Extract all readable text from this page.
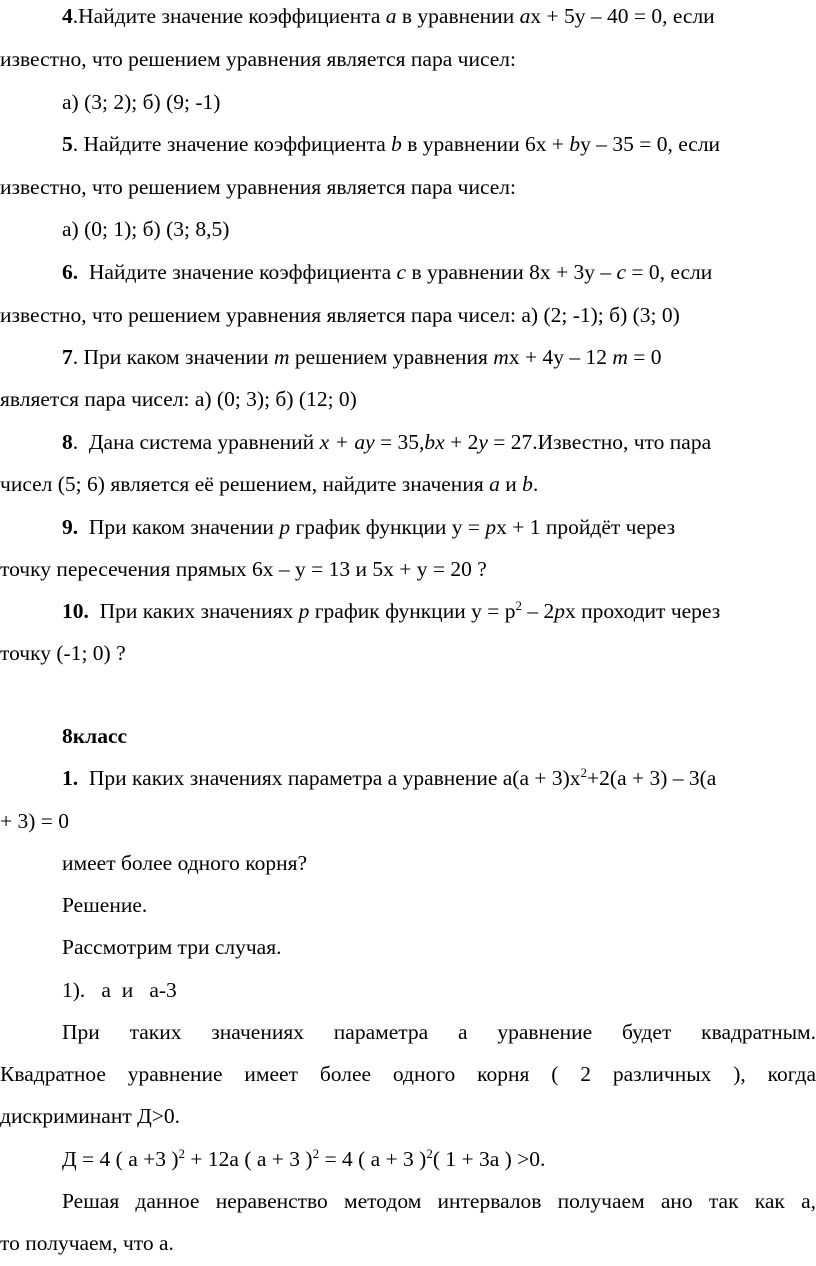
4.Найдите значение коэффициента а в уравнении ах + 5у – 40 = 0, если
известно, что решением уравнения является пара чисел:
а) (3; 2); б) (9; -1)
5. Найдите значение коэффициента b в уравнении 6х + bу – 35 = 0, если
известно, что решением уравнения является пара чисел:
а) (0; 1); б) (3; 8,5)
6.  Найдите значение коэффициента с в уравнении 8х + 3у – с = 0, если
известно, что решением уравнения является пара чисел: а) (2; -1); б) (3; 0)
7. При каком значении m решением уравнения mх + 4у – 12 m = 0
является пара чисел: а) (0; 3); б) (12; 0)
8.  Дана система уравнений x + ay = 35,bx + 2y = 27.Известно, что пара
чисел (5; 6) является её решением, найдите значения a и b.
9.  При каком значении р график функции у = рх + 1 пройдёт через
точку пересечения прямых 6х – у = 13 и 5х + у = 20 ?
10.  При каких значениях р график функции $у = р^2 - 2рх$ проходит через
точку (-1; 0) ?
8класс
1.  При каких значениях параметра а уравнение $а(а + 3)х^2+2(а + 3) - 3(а$
+ 3) = 0
имеет более одного корня?
Решение.
Рассмотрим три случая.
1).   а  и   а-3
При таких значениях параметра а уравнение будет квадратным.
Квадратное уравнение имеет более одного корня ( 2 различных ), когда
дискриминант Д>0.
Д = 4 ( а +3 )$^2$ + 12а ( а + 3 )$^2$ = 4 ( а + 3 )$^2$( 1 + 3а ) >0.
Решая данное неравенство методом интервалов получаем ано так как а,
то получаем, что а.
